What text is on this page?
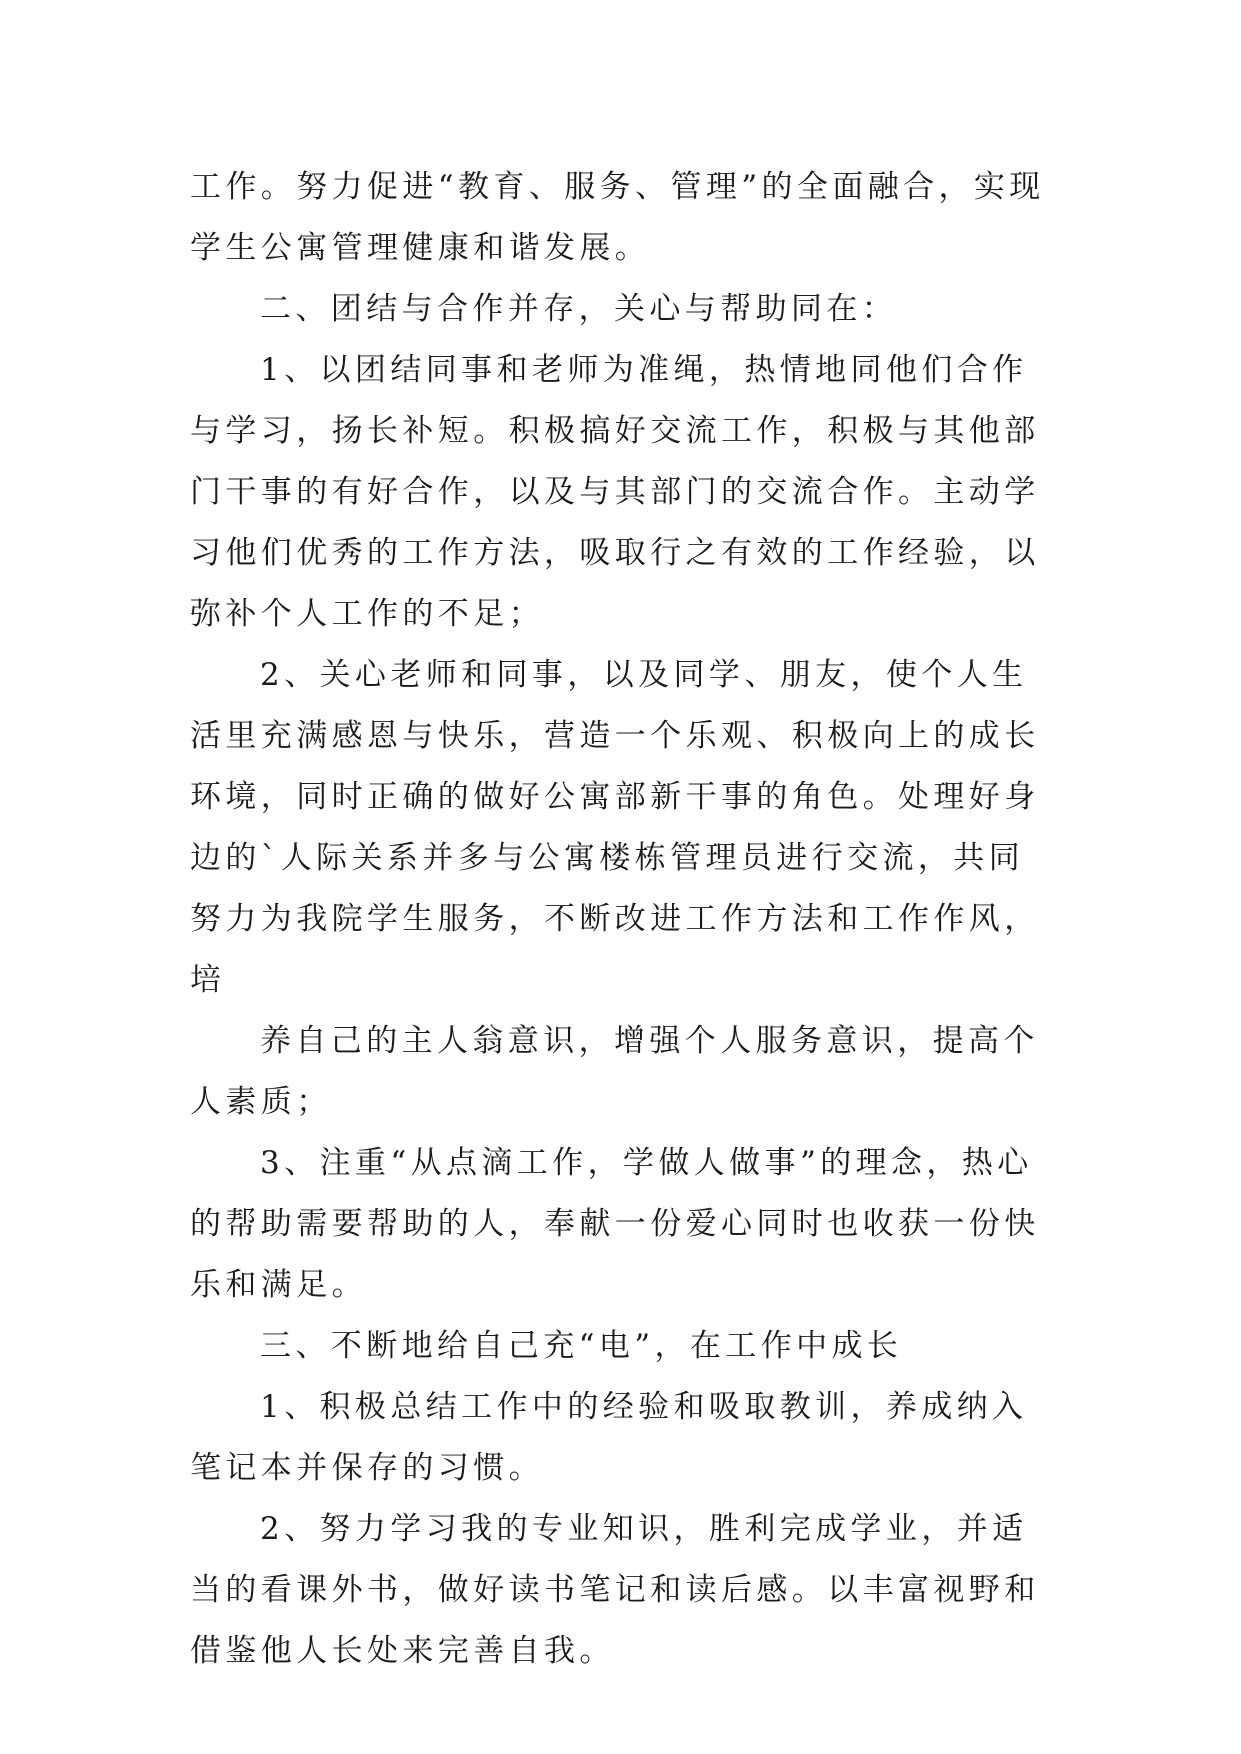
工作。努力促进“教育、服务、管理”的全面融合，实现学生公寓管理健康和谐发展。

二、团结与合作并存，关心与帮助同在：

1、以团结同事和老师为准绳，热情地同他们合作与学习，扬长补短。积极搞好交流工作，积极与其他部门干事的有好合作，以及与其部门的交流合作。主动学习他们优秀的工作方法，吸取行之有效的工作经验，以弥补个人工作的不足；

2、关心老师和同事，以及同学、朋友，使个人生活里充满感恩与快乐，营造一个乐观、积极向上的成长环境，同时正确的做好公寓部新干事的角色。处理好身边的`人际关系并多与公寓楼栋管理员进行交流，共同努力为我院学生服务，不断改进工作方法和工作作风，培

养自己的主人翁意识，增强个人服务意识，提高个人素质；

3、注重“从点滴工作，学做人做事”的理念，热心的帮助需要帮助的人，奉献一份爱心同时也收获一份快乐和满足。

三、不断地给自己充“电”，在工作中成长

1、积极总结工作中的经验和吸取教训，养成纳入笔记本并保存的习惯。

2、努力学习我的专业知识，胜利完成学业，并适当的看课外书，做好读书笔记和读后感。以丰富视野和借鉴他人长处来完善自我。
